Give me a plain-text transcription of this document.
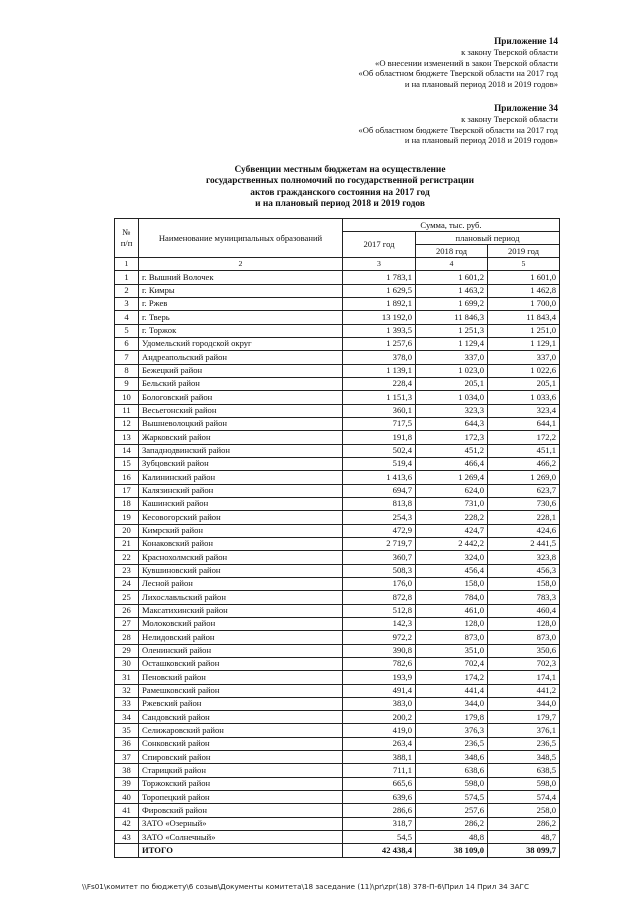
Приложение 14
к закону Тверской области
«О внесении изменений в закон Тверской области
«Об областном бюджете Тверской области на 2017 год
и на плановый период 2018 и 2019 годов»
Приложение 34
к закону Тверской области
«Об областном бюджете Тверской области на 2017 год
и на плановый период 2018 и 2019 годов»
Субвенции местным бюджетам на осуществление
государственных полномочий по государственной регистрации
актов гражданского состояния на 2017 год
и на плановый период 2018 и 2019 годов
№ п/п	Наименование муниципальных образований	Сумма, тыс. руб.		
		2017 год	плановый период	
			2018 год	2019 год
1	2	3	4	5
1	г. Вышний Волочек	1 783,1	1 601,2	1 601,0
2	г. Кимры	1 629,5	1 463,2	1 462,8
3	г. Ржев	1 892,1	1 699,2	1 700,0
4	г. Тверь	13 192,0	11 846,3	11 843,4
5	г. Торжок	1 393,5	1 251,3	1 251,0
6	Удомельский городской округ	1 257,6	1 129,4	1 129,1
7	Андреапольский район	378,0	337,0	337,0
8	Бежецкий район	1 139,1	1 023,0	1 022,6
9	Бельский район	228,4	205,1	205,1
10	Бологовский район	1 151,3	1 034,0	1 033,6
11	Весьегонский район	360,1	323,3	323,4
12	Вышневолоцкий район	717,5	644,3	644,1
13	Жарковский район	191,8	172,3	172,2
14	Западнодвинский район	502,4	451,2	451,1
15	Зубцовский район	519,4	466,4	466,2
16	Калининский район	1 413,6	1 269,4	1 269,0
17	Калязинский район	694,7	624,0	623,7
18	Кашинский район	813,8	731,0	730,6
19	Кесовогорский район	254,3	228,2	228,1
20	Кимрский район	472,9	424,7	424,6
21	Конаковский район	2 719,7	2 442,2	2 441,5
22	Краснохолмский район	360,7	324,0	323,8
23	Кувшиновский район	508,3	456,4	456,3
24	Лесной район	176,0	158,0	158,0
25	Лихославльский район	872,8	784,0	783,3
26	Максатихинский район	512,8	461,0	460,4
27	Молоковский район	142,3	128,0	128,0
28	Нелидовский район	972,2	873,0	873,0
29	Оленинский район	390,8	351,0	350,6
30	Осташковский район	782,6	702,4	702,3
31	Пеновский район	193,9	174,2	174,1
32	Рамешковский район	491,4	441,4	441,2
33	Ржевский район	383,0	344,0	344,0
34	Сандовский район	200,2	179,8	179,7
35	Селижаровский район	419,0	376,3	376,1
36	Сонковский район	263,4	236,5	236,5
37	Спировский район	388,1	348,6	348,5
38	Старицкий район	711,1	638,6	638,5
39	Торжокский район	665,6	598,0	598,0
40	Торопецкий район	639,6	574,5	574,4
41	Фировский район	286,6	257,6	258,0
42	ЗАТО «Озерный»	318,7	286,2	286,2
43	ЗАТО «Солнечный»	54,5	48,8	48,7
	ИТОГО	42 438,4	38 109,0	38 099,7
\\Fs01\комитет по бюджету\6 созыв\Документы комитета\18 заседание (11)\pr\zpr(18) 378-П-6\Прил 14 Прил 34 ЗАГС
